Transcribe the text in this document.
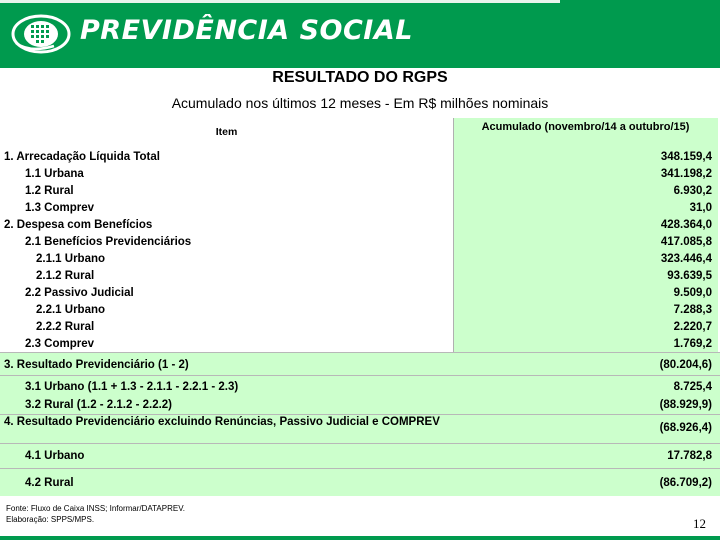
PREVIDÊNCIA SOCIAL
RESULTADO DO RGPS
Acumulado nos últimos 12 meses - Em R$ milhões nominais
Item	Acumulado (novembro/14 a outubro/15)
1. Arrecadação Líquida Total	348.159,4
1.1 Urbana	341.198,2
1.2 Rural	6.930,2
1.3 Comprev	31,0
2. Despesa com Benefícios	428.364,0
2.1 Benefícios Previdenciários	417.085,8
2.1.1 Urbano	323.446,4
2.1.2 Rural	93.639,5
2.2 Passivo Judicial	9.509,0
2.2.1 Urbano	7.288,3
2.2.2 Rural	2.220,7
2.3 Comprev	1.769,2
3. Resultado Previdenciário (1 - 2)	(80.204,6)
3.1 Urbano (1.1 + 1.3 - 2.1.1 - 2.2.1 - 2.3)	8.725,4
3.2 Rural (1.2 - 2.1.2 - 2.2.2)	(88.929,9)
4. Resultado Previdenciário excluindo Renúncias, Passivo Judicial e COMPREV	(68.926,4)
4.1 Urbano	17.782,8
4.2 Rural	(86.709,2)
Fonte: Fluxo de Caixa INSS; Informar/DATAPREV.
Elaboração: SPPS/MPS.	12
